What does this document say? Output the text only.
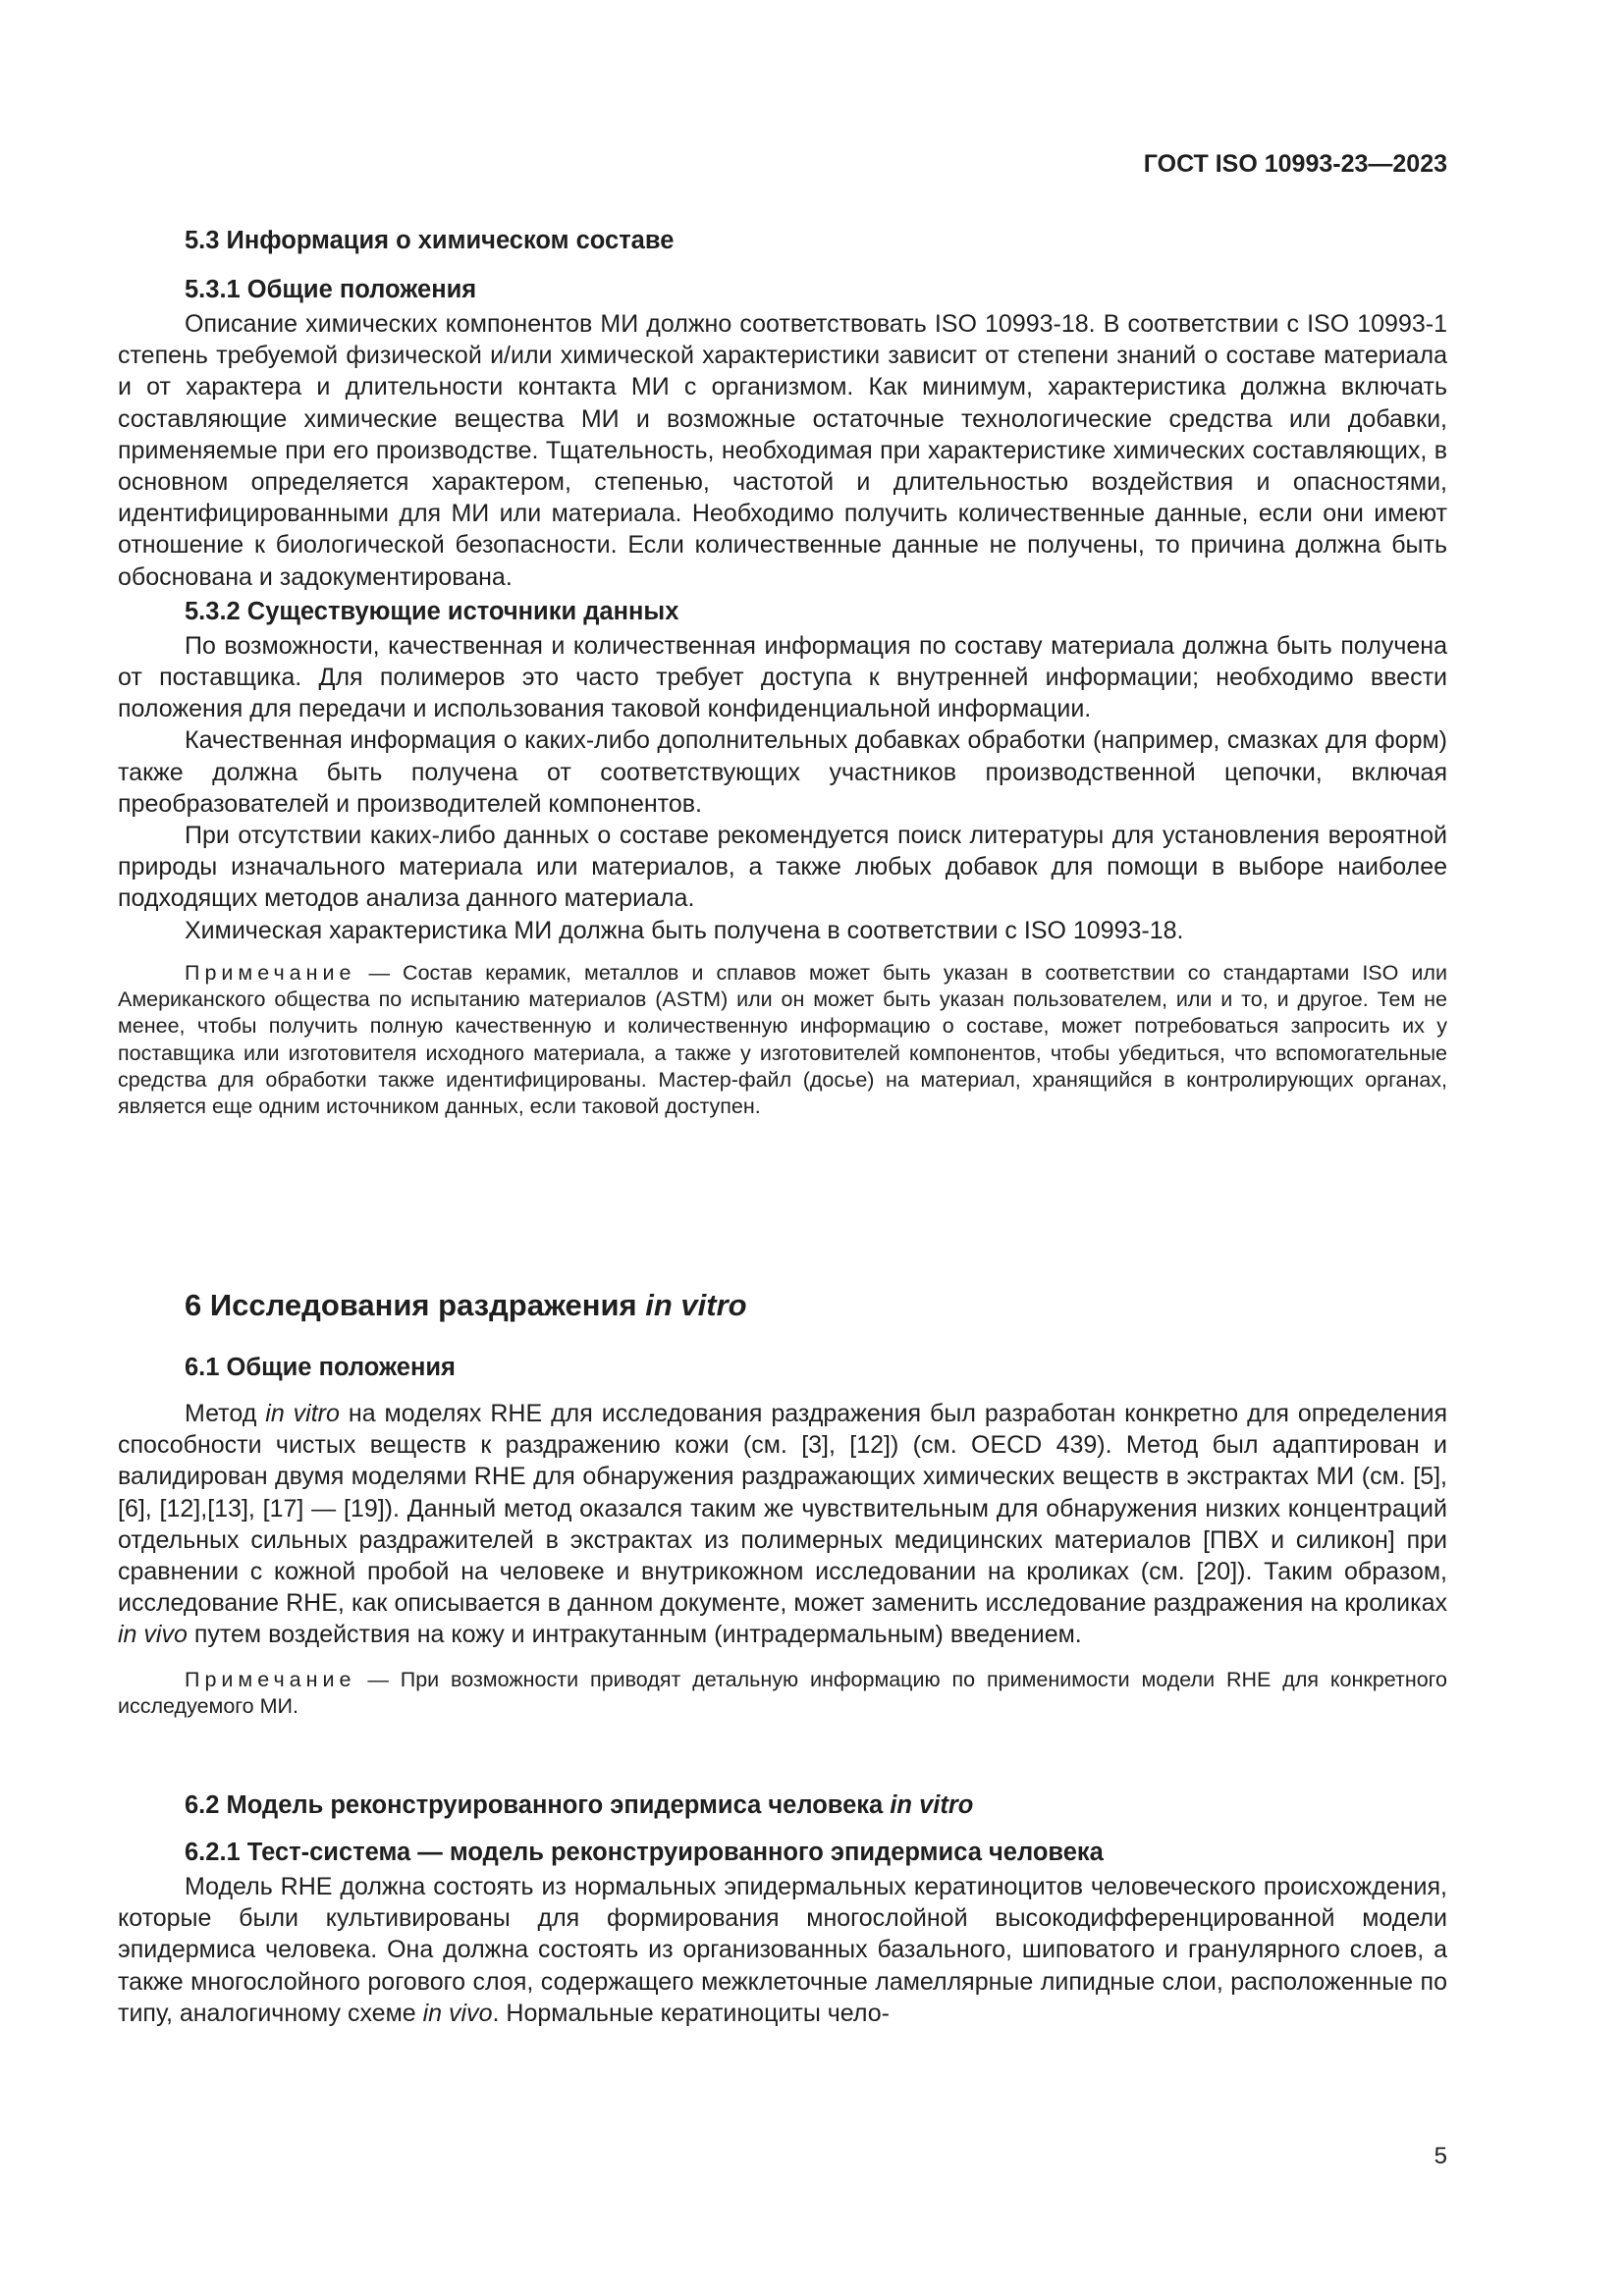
ГОСТ ISO 10993-23—2023
5.3 Информация о химическом составе
5.3.1 Общие положения
Описание химических компонентов МИ должно соответствовать ISO 10993-18. В соответствии с ISO 10993-1 степень требуемой физической и/или химической характеристики зависит от степени знаний о составе материала и от характера и длительности контакта МИ с организмом. Как минимум, характеристика должна включать составляющие химические вещества МИ и возможные остаточные технологические средства или добавки, применяемые при его производстве. Тщательность, необходимая при характеристике химических составляющих, в основном определяется характером, степенью, частотой и длительностью воздействия и опасностями, идентифицированными для МИ или материала. Необходимо получить количественные данные, если они имеют отношение к биологической безопасности. Если количественные данные не получены, то причина должна быть обоснована и задокументирована.
5.3.2 Существующие источники данных
По возможности, качественная и количественная информация по составу материала должна быть получена от поставщика. Для полимеров это часто требует доступа к внутренней информации; необходимо ввести положения для передачи и использования таковой конфиденциальной информации.
Качественная информация о каких-либо дополнительных добавках обработки (например, смазках для форм) также должна быть получена от соответствующих участников производственной цепочки, включая преобразователей и производителей компонентов.
При отсутствии каких-либо данных о составе рекомендуется поиск литературы для установления вероятной природы изначального материала или материалов, а также любых добавок для помощи в выборе наиболее подходящих методов анализа данного материала.
Химическая характеристика МИ должна быть получена в соответствии с ISO 10993-18.
Примечание — Состав керамик, металлов и сплавов может быть указан в соответствии со стандартами ISO или Американского общества по испытанию материалов (ASTM) или он может быть указан пользователем, или и то, и другое. Тем не менее, чтобы получить полную качественную и количественную информацию о составе, может потребоваться запросить их у поставщика или изготовителя исходного материала, а также у изготовителей компонентов, чтобы убедиться, что вспомогательные средства для обработки также идентифицированы. Мастер-файл (досье) на материал, хранящийся в контролирующих органах, является еще одним источником данных, если таковой доступен.
6 Исследования раздражения in vitro
6.1 Общие положения
Метод in vitro на моделях RHE для исследования раздражения был разработан конкретно для определения способности чистых веществ к раздражению кожи (см. [3], [12]) (см. OECD 439). Метод был адаптирован и валидирован двумя моделями RHE для обнаружения раздражающих химических веществ в экстрактах МИ (см. [5], [6], [12],[13], [17] — [19]). Данный метод оказался таким же чувствительным для обнаружения низких концентраций отдельных сильных раздражителей в экстрактах из полимерных медицинских материалов [ПВХ и силикон] при сравнении с кожной пробой на человеке и внутрикожном исследовании на кроликах (см. [20]). Таким образом, исследование RHE, как описывается в данном документе, может заменить исследование раздражения на кроликах in vivo путем воздействия на кожу и интракутанным (интрадермальным) введением.
Примечание — При возможности приводят детальную информацию по применимости модели RHE для конкретного исследуемого МИ.
6.2 Модель реконструированного эпидермиса человека in vitro
6.2.1 Тест-система — модель реконструированного эпидермиса человека
Модель RHE должна состоять из нормальных эпидермальных кератиноцитов человеческого происхождения, которые были культивированы для формирования многослойной высокодифференцированной модели эпидермиса человека. Она должна состоять из организованных базального, шиповатого и гранулярного слоев, а также многослойного рогового слоя, содержащего межклеточные ламеллярные липидные слои, расположенные по типу, аналогичному схеме in vivo. Нормальные кератиноциты чело-
5
